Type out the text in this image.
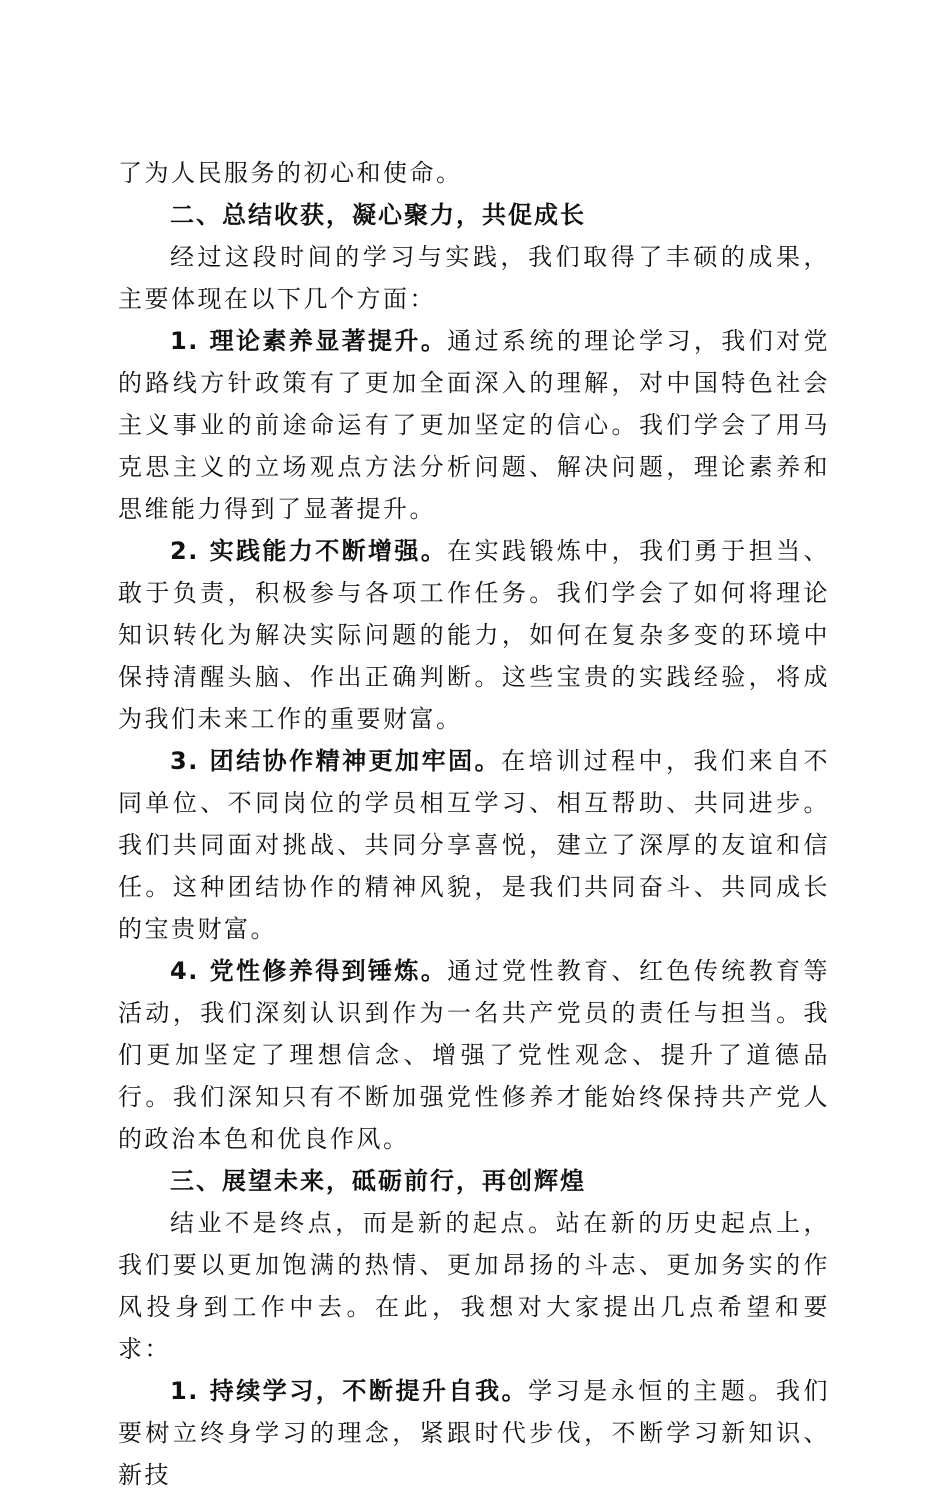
了为人民服务的初心和使命。

二、总结收获，凝心聚力，共促成长

经过这段时间的学习与实践，我们取得了丰硕的成果，主要体现在以下几个方面：

1. 理论素养显著提升。通过系统的理论学习，我们对党的路线方针政策有了更加全面深入的理解，对中国特色社会主义事业的前途命运有了更加坚定的信心。我们学会了用马克思主义的立场观点方法分析问题、解决问题，理论素养和思维能力得到了显著提升。

2. 实践能力不断增强。在实践锻炼中，我们勇于担当、敢于负责，积极参与各项工作任务。我们学会了如何将理论知识转化为解决实际问题的能力，如何在复杂多变的环境中保持清醒头脑、作出正确判断。这些宝贵的实践经验，将成为我们未来工作的重要财富。

3. 团结协作精神更加牢固。在培训过程中，我们来自不同单位、不同岗位的学员相互学习、相互帮助、共同进步。我们共同面对挑战、共同分享喜悦，建立了深厚的友谊和信任。这种团结协作的精神风貌，是我们共同奋斗、共同成长的宝贵财富。

4. 党性修养得到锤炼。通过党性教育、红色传统教育等活动，我们深刻认识到作为一名共产党员的责任与担当。我们更加坚定了理想信念、增强了党性观念、提升了道德品行。我们深知只有不断加强党性修养才能始终保持共产党人的政治本色和优良作风。

三、展望未来，砥砺前行，再创辉煌

结业不是终点，而是新的起点。站在新的历史起点上，我们要以更加饱满的热情、更加昂扬的斗志、更加务实的作风投身到工作中去。在此，我想对大家提出几点希望和要求：

1. 持续学习，不断提升自我。学习是永恒的主题。我们要树立终身学习的理念，紧跟时代步伐，不断学习新知识、新技
